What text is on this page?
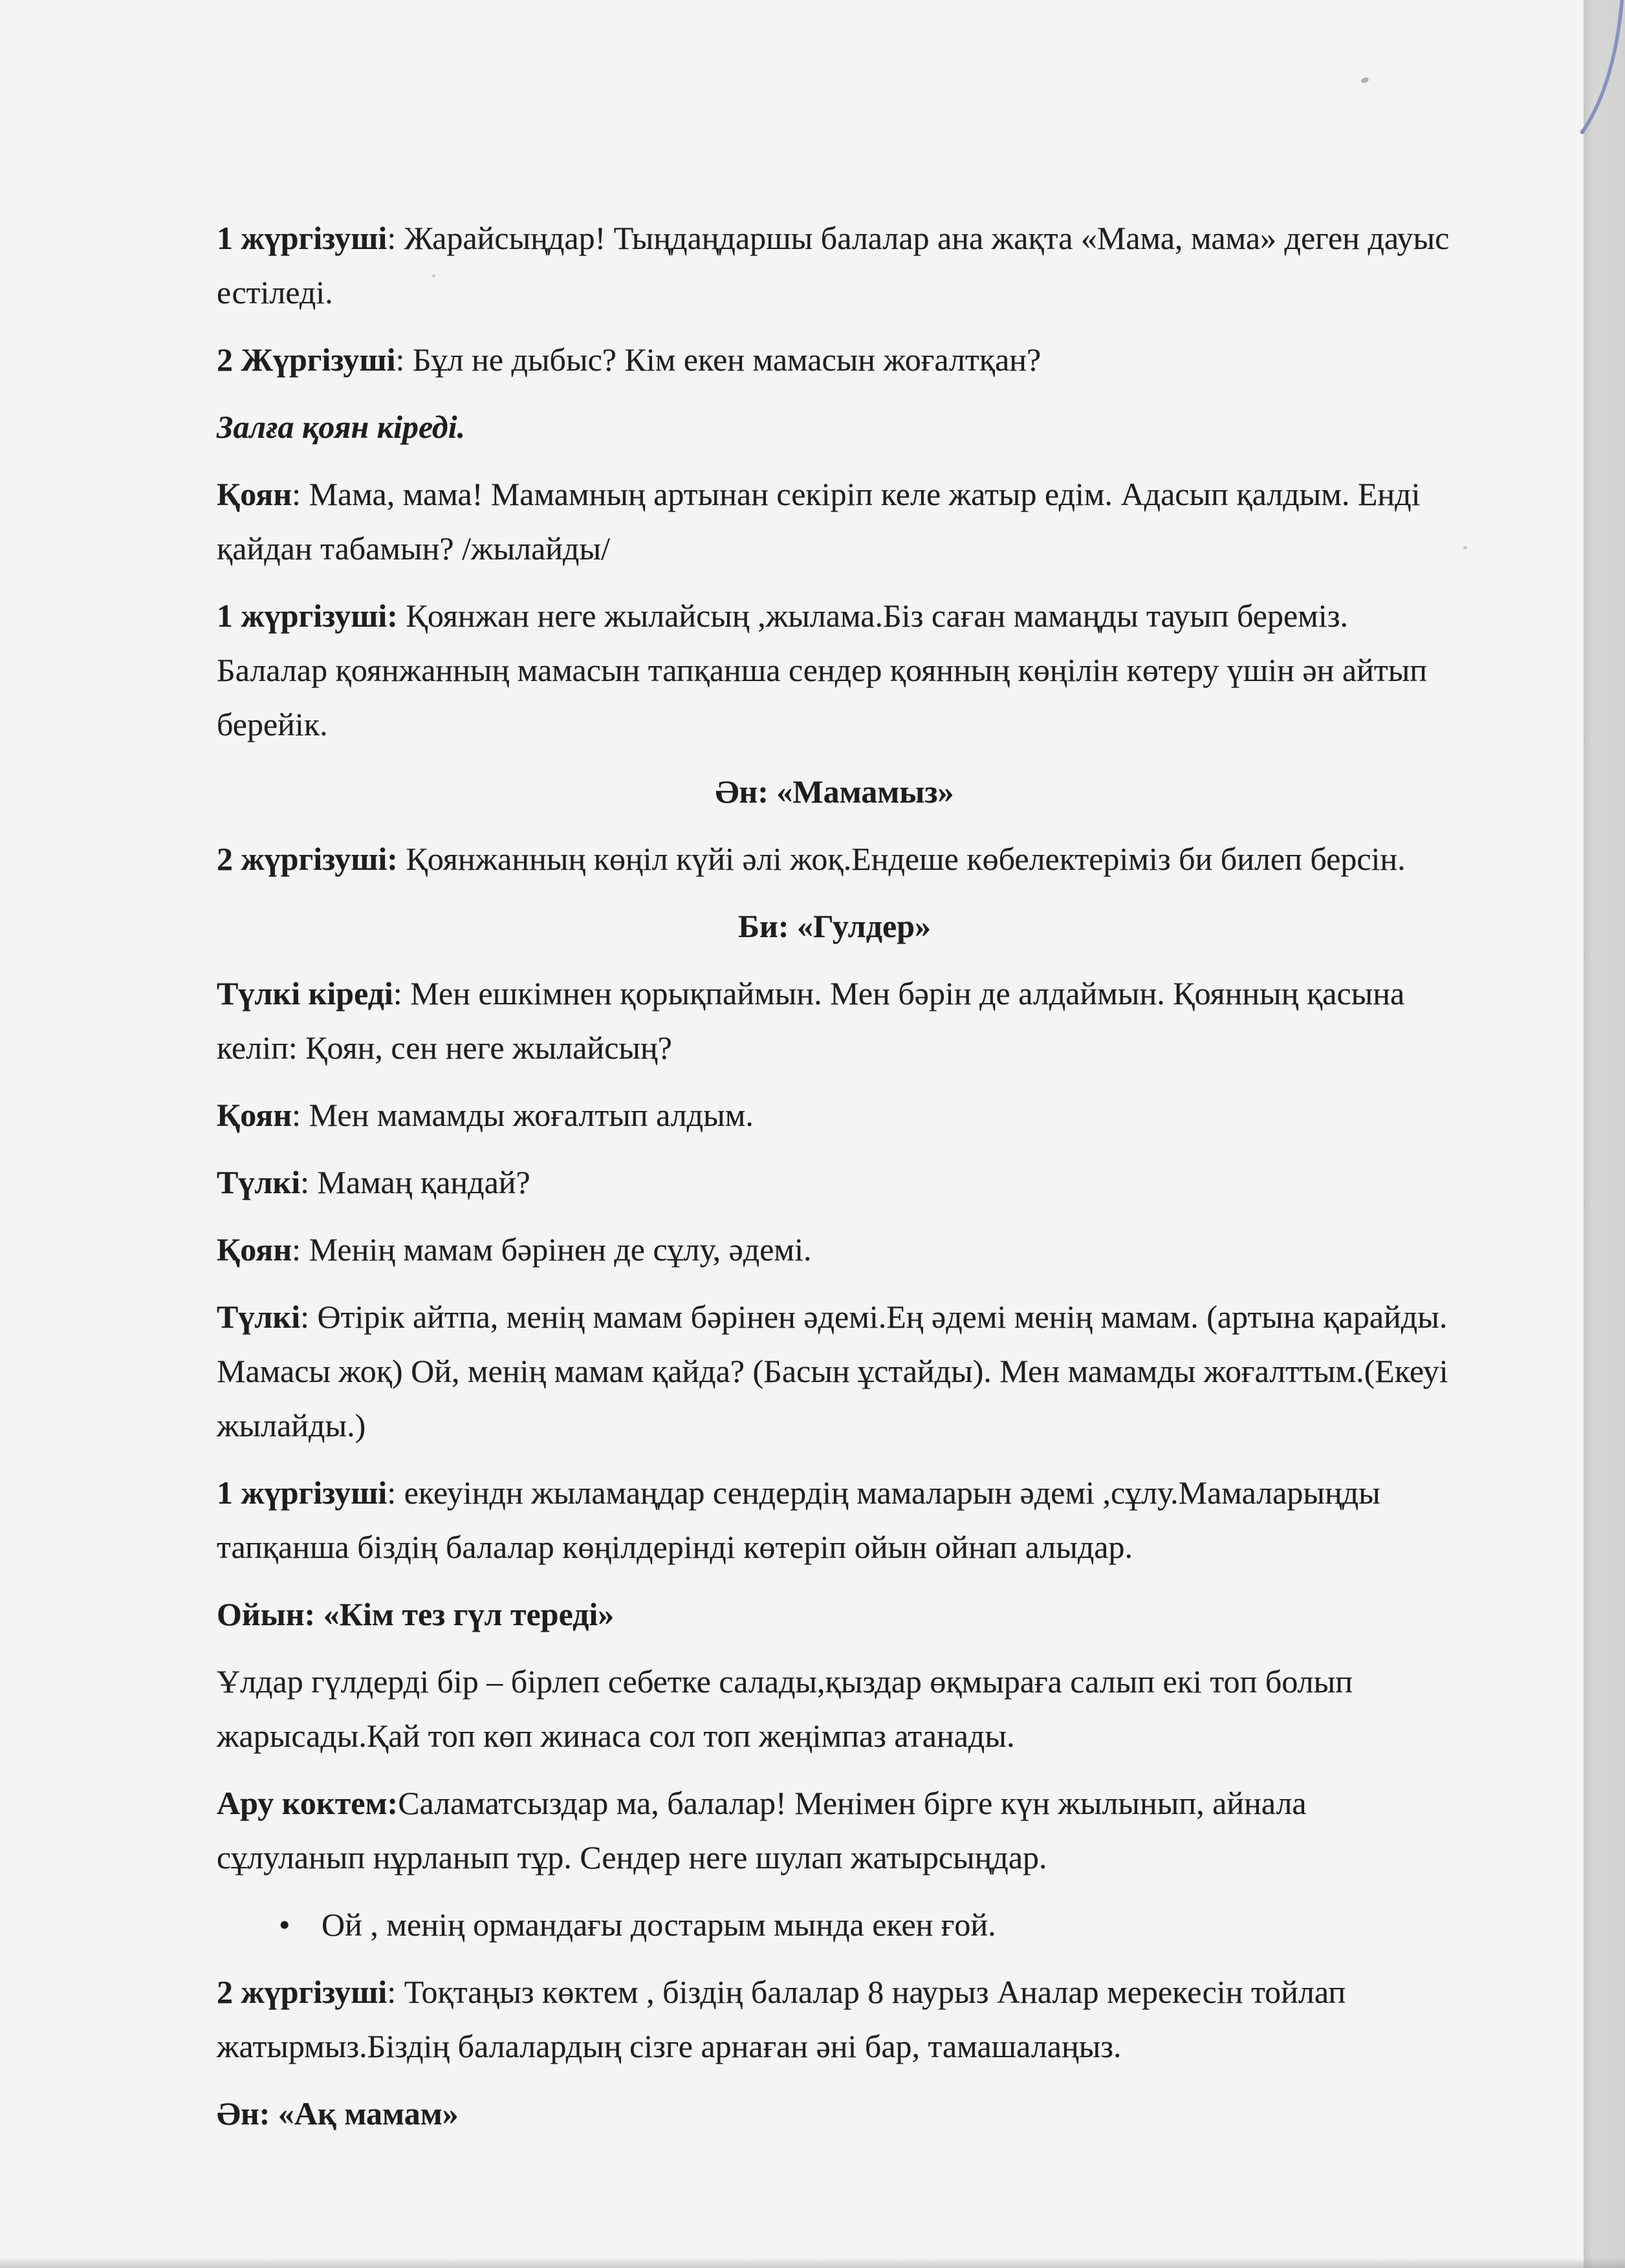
1 жүргізуші: Жарайсыңдар! Тыңдаңдаршы балалар ана жақта «Мама, мама» деген дауыс естіледі.

2 Жүргізуші: Бұл не дыбыс? Кім екен мамасын жоғалтқан?

Залға қоян кіреді.

Қоян: Мама, мама! Мамамның артынан секіріп келе жатыр едім. Адасып қалдым. Енді қайдан табамын? /жылайды/

1 жүргізуші: Қоянжан неге жылайсың ,жылама.Біз саған мамаңды тауып береміз. Балалар қоянжанның мамасын тапқанша сендер қоянның көңілін көтеру үшін ән айтып берейік.

Ән: «Мамамыз»

2 жүргізуші: Қоянжанның көңіл күйі әлі жоқ.Ендеше көбелектеріміз би билеп берсін.

Би: «Гулдер»

Түлкі кіреді: Мен ешкімнен қорықпаймын. Мен бәрін де алдаймын. Қоянның қасына келіп: Қоян, сен неге жылайсың?

Қоян: Мен мамамды жоғалтып алдым.

Түлкі: Мамаң қандай?

Қоян: Менің мамам бәрінен де сұлу, әдемі.

Түлкі: Өтірік айтпа, менің мамам бәрінен әдемі.Ең әдемі менің мамам. (артына қарайды. Мамасы жоқ) Ой, менің мамам қайда? (Басын ұстайды). Мен мамамды жоғалттым.(Екеуі жылайды.)

1 жүргізуші: екеуіндн жыламаңдар сендердің мамаларын әдемі ,сұлу.Мамаларыңды тапқанша біздің балалар көңілдерінді көтеріп ойын ойнап алыдар.

Ойын: «Кім тез гүл тереді»

Ұлдар гүлдерді бір – бірлеп себетке салады,қыздар өқмыраға салып екі топ болып жарысады.Қай топ көп жинаса сол топ жеңімпаз атанады.

Ару коктем:Саламатсыздар ма, балалар! Менімен бірге күн жылынып, айнала сұлуланып нұрланып тұр. Сендер неге шулап жатырсыңдар.

• Ой , менің ормандағы достарым мында екен ғой.

2 жүргізуші: Тоқтаңыз көктем , біздің балалар 8 наурыз Аналар мерекесін тойлап жатырмыз.Біздің балалардың сізге арнаған әні бар, тамашалаңыз.

Ән: «Ақ мамам»
